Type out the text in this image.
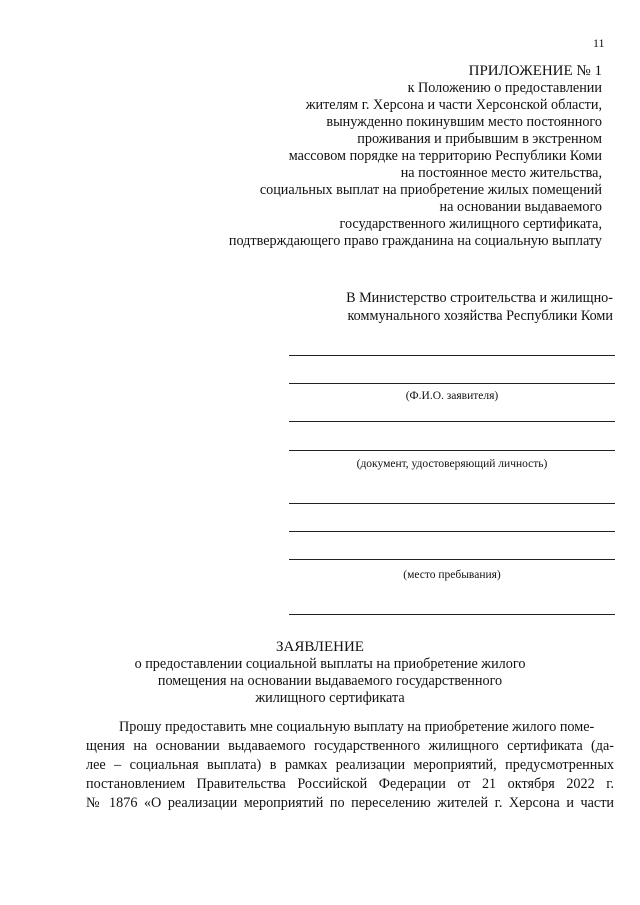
11
ПРИЛОЖЕНИЕ № 1
к Положению о предоставлении
жителям г. Херсона и части Херсонской области,
вынужденно покинувшим место постоянного
проживания и прибывшим в экстренном
массовом порядке на территорию Республики Коми
на постоянное место жительства,
социальных выплат на приобретение жилых помещений
на основании выдаваемого
государственного жилищного сертификата,
подтверждающего право гражданина на социальную выплату
В Министерство строительства и жилищно-
коммунального хозяйства Республики Коми
(Ф.И.О. заявителя)
(документ, удостоверяющий личность)
(место пребывания)
ЗАЯВЛЕНИЕ
о предоставлении социальной выплаты на приобретение жилого
помещения на основании выдаваемого государственного
жилищного сертификата
Прошу предоставить мне социальную выплату на приобретение жилого поме-
щения на основании выдаваемого государственного жилищного сертификата (да-
лее – социальная выплата) в рамках реализации мероприятий, предусмотренных
постановлением Правительства Российской Федерации от 21 октября 2022 г.
№ 1876 «О реализации мероприятий по переселению жителей г. Херсона и части
